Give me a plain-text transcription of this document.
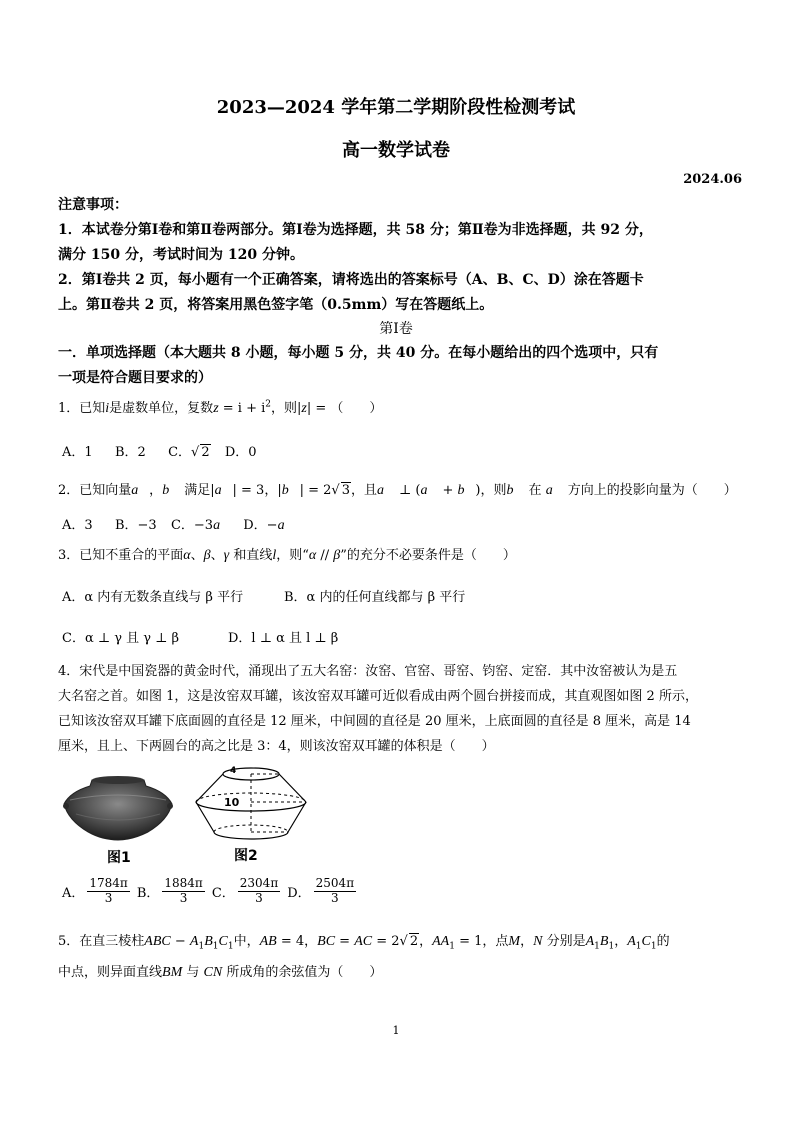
2023—2024 学年第二学期阶段性检测考试
高一数学试卷
2024.06
注意事项：
1．本试卷分第Ⅰ卷和第Ⅱ卷两部分。第Ⅰ卷为选择题，共 58 分；第Ⅱ卷为非选择题，共 92 分，
满分 150 分，考试时间为 120 分钟。
2．第Ⅰ卷共 2 页，每小题有一个正确答案，请将选出的答案标号（A、B、C、D）涂在答题卡
上。第Ⅱ卷共 2 页，将答案用黑色签字笔（0.5mm）写在答题纸上。
第Ⅰ卷
一．单项选择题（本大题共 8 小题，每小题 5 分，共 40 分。在每小题给出的四个选项中，只有
一项是符合题目要求的）
1．已知i是虚数单位，复数$z = i + i^2$，则|z| = （　　）
A．1 B．2 C．√ 2 D．0
2．已知向量a⃗，b⃗ 满足|a⃗| = 3，|b⃗| = 2√ 3，且a⃗ ⊥ (a⃗ + b⃗)，则b⃗ 在 a⃗ 方向上的投影向量为（　　）
A．3 B．−3 C．−3a⃗ D．−a⃗
3．已知不重合的平面α、β、γ 和直线l，则“α // β”的充分不必要条件是（　　）
A．α 内有无数条直线与 β 平行	B．α 内的任何直线都与 β 平行
C．α ⊥ γ 且 γ ⊥ β	D．l ⊥ α 且 l ⊥ β
4．宋代是中国瓷器的黄金时代，涌现出了五大名窑：汝窑、官窑、哥窑、钧窑、定窑．其中汝窑被认为是五
大名窑之首。如图 1，这是汝窑双耳罐，该汝窑双耳罐可近似看成由两个圆台拼接而成，其直观图如图 2 所示，
已知该汝窑双耳罐下底面圆的直径是 12 厘米，中间圆的直径是 20 厘米，上底面圆的直径是 8 厘米，高是 14
厘米，且上、下两圆台的高之比是 3：4，则该汝窑双耳罐的体积是（　　）
图1
10
4
图2
A． $\frac{1784\pi}{3}$ B． $\frac{1884\pi}{3}$ C． $\frac{2304\pi}{3}$ D． $\frac{2504\pi}{3}$
5．在直三棱柱ABC − $A_1B_1C_1$中，AB = 4，BC = AC = 2√ 2，$AA_1 = 1$，点M，N 分别是$A_1B_1$，$A_1C_1$的
中点，则异面直线BM 与 CN 所成角的余弦值为（　　）
1
